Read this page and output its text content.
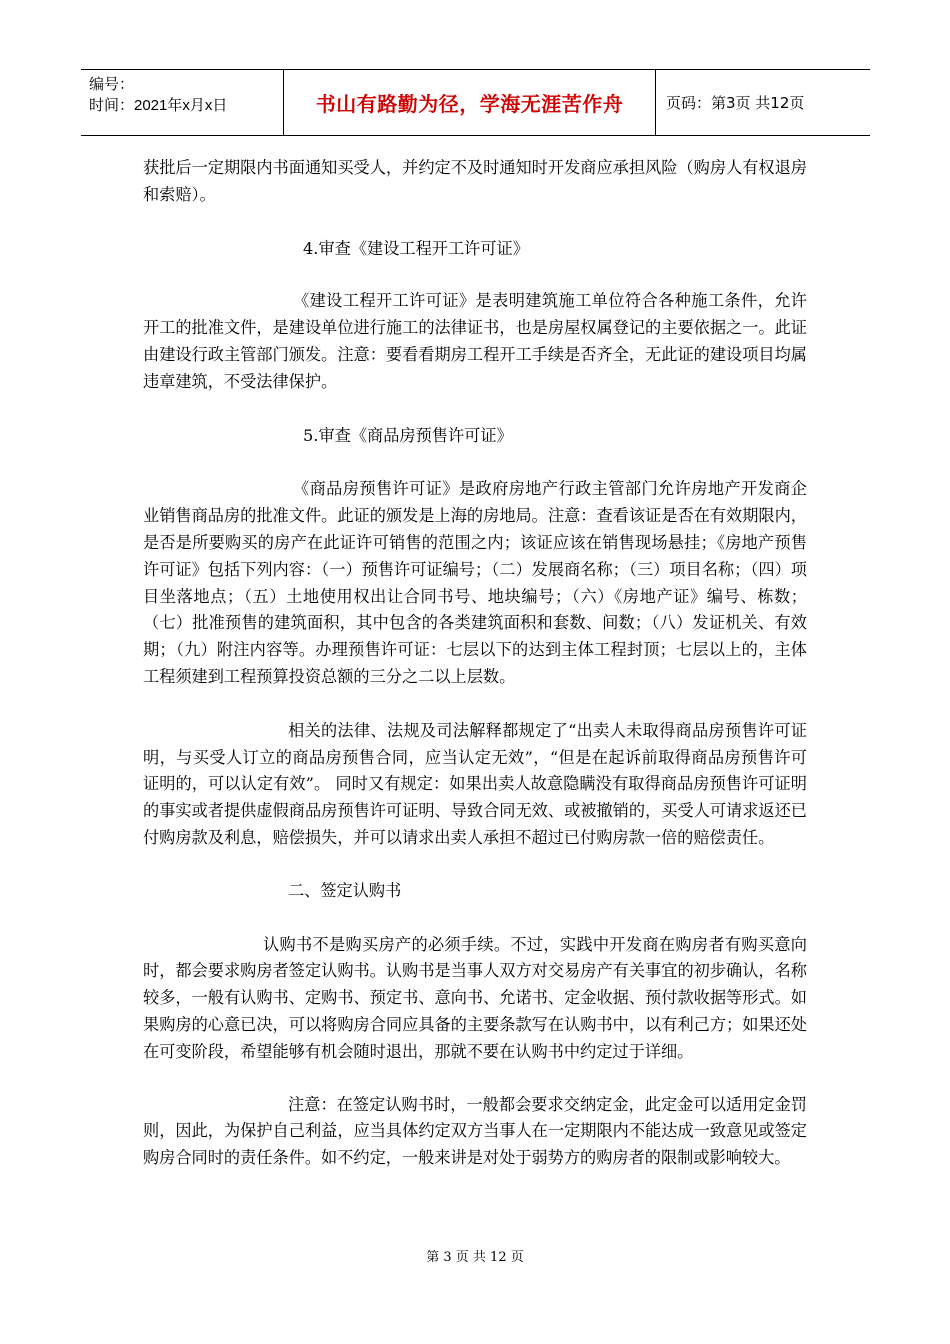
编号：
时间：2021年x月x日	书山有路勤为径，学海无涯苦作舟	页码：第3页 共12页

获批后一定期限内书面通知买受人，并约定不及时通知时开发商应承担风险（购房人有权退房和索赔）。

4.审查《建设工程开工许可证》

《建设工程开工许可证》是表明建筑施工单位符合各种施工条件，允许开工的批准文件，是建设单位进行施工的法律证书，也是房屋权属登记的主要依据之一。此证由建设行政主管部门颁发。注意：要看看期房工程开工手续是否齐全，无此证的建设项目均属违章建筑，不受法律保护。

5.审查《商品房预售许可证》

《商品房预售许可证》是政府房地产行政主管部门允许房地产开发商企业销售商品房的批准文件。此证的颁发是上海的房地局。注意：查看该证是否在有效期限内，是否是所要购买的房产在此证许可销售的范围之内；该证应该在销售现场悬挂；《房地产预售许可证》包括下列内容：（一）预售许可证编号；（二）发展商名称；（三）项目名称；（四）项目坐落地点；（五）土地使用权出让合同书号、地块编号；（六）《房地产证》编号、栋数；（七）批准预售的建筑面积，其中包含的各类建筑面积和套数、间数；（八）发证机关、有效期；（九）附注内容等。办理预售许可证：七层以下的达到主体工程封顶；七层以上的，主体工程须建到工程预算投资总额的三分之二以上层数。

相关的法律、法规及司法解释都规定了“出卖人未取得商品房预售许可证明，与买受人订立的商品房预售合同，应当认定无效”，“但是在起诉前取得商品房预售许可证明的，可以认定有效”。 同时又有规定：如果出卖人故意隐瞒没有取得商品房预售许可证明的事实或者提供虚假商品房预售许可证明、导致合同无效、或被撤销的，买受人可请求返还已付购房款及利息，赔偿损失，并可以请求出卖人承担不超过已付购房款一倍的赔偿责任。

二、签定认购书

认购书不是购买房产的必须手续。不过，实践中开发商在购房者有购买意向时，都会要求购房者签定认购书。认购书是当事人双方对交易房产有关事宜的初步确认，名称较多，一般有认购书、定购书、预定书、意向书、允诺书、定金收据、预付款收据等形式。如果购房的心意已决，可以将购房合同应具备的主要条款写在认购书中，以有利己方；如果还处在可变阶段，希望能够有机会随时退出，那就不要在认购书中约定过于详细。

注意：在签定认购书时，一般都会要求交纳定金，此定金可以适用定金罚则，因此，为保护自己利益，应当具体约定双方当事人在一定期限内不能达成一致意见或签定购房合同时的责任条件。如不约定，一般来讲是对处于弱势方的购房者的限制或影响较大。

第 3 页 共 12 页
